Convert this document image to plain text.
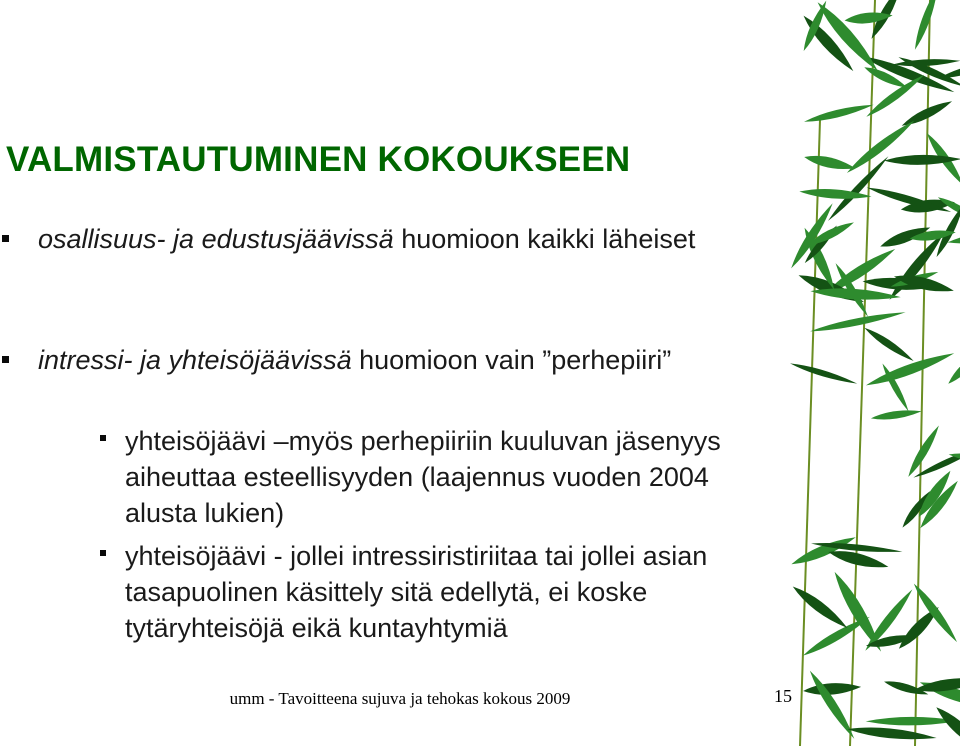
VALMISTAUTUMINEN KOKOUKSEEN
osallisuus- ja edustusjäävissä huomioon kaikki läheiset
intressi- ja yhteisöjäävissä huomioon vain ”perhepiiri”
yhteisöjäävi –myös perhepiiriin kuuluvan jäsenyys aiheuttaa esteellisyyden (laajennus vuoden 2004 alusta lukien)
yhteisöjäävi - jollei intressiristiriitaa tai jollei asian tasapuolinen käsittely sitä edellytä, ei koske tytäryhteisöjä eikä kuntayhtymiä
umm - Tavoitteena sujuva ja tehokas kokous 2009	15
